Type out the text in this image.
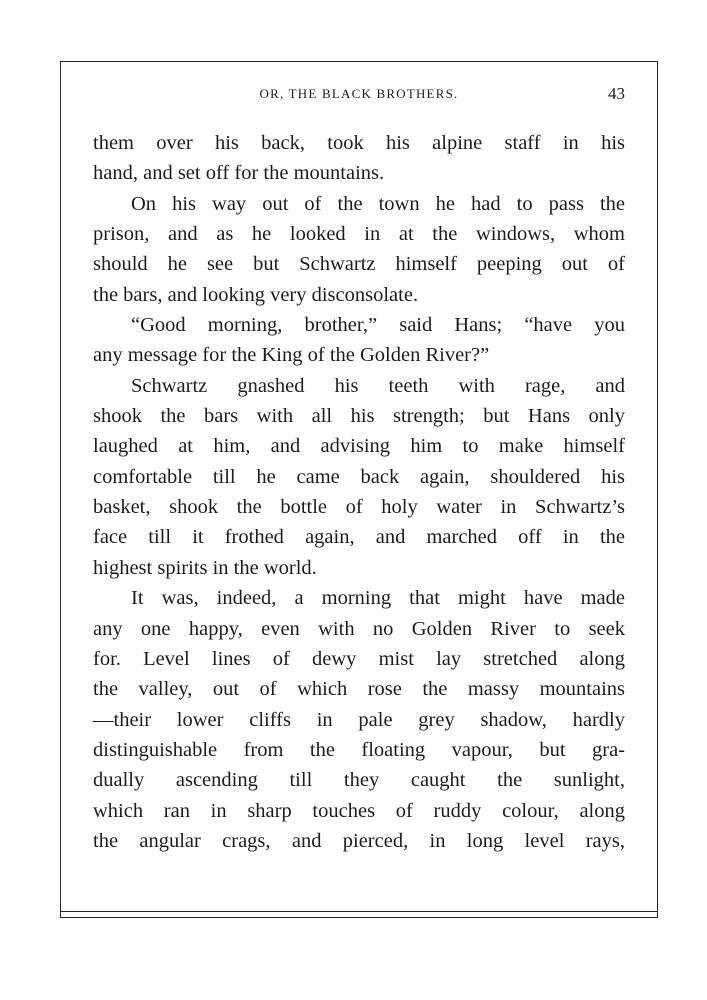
OR, THE BLACK BROTHERS.	43
them over his back, took his alpine staff in his
hand, and set off for the mountains.
On his way out of the town he had to pass the
prison, and as he looked in at the windows, whom
should he see but Schwartz himself peeping out of
the bars, and looking very disconsolate.
“Good morning, brother,” said Hans; “have you
any message for the King of the Golden River?”
Schwartz gnashed his teeth with rage, and
shook the bars with all his strength; but Hans only
laughed at him, and advising him to make himself
comfortable till he came back again, shouldered his
basket, shook the bottle of holy water in Schwartz’s
face till it frothed again, and marched off in the
highest spirits in the world.
It was, indeed, a morning that might have made
any one happy, even with no Golden River to seek
for. Level lines of dewy mist lay stretched along
the valley, out of which rose the massy mountains
—their lower cliffs in pale grey shadow, hardly
distinguishable from the floating vapour, but gra-
dually ascending till they caught the sunlight,
which ran in sharp touches of ruddy colour, along
the angular crags, and pierced, in long level rays,
